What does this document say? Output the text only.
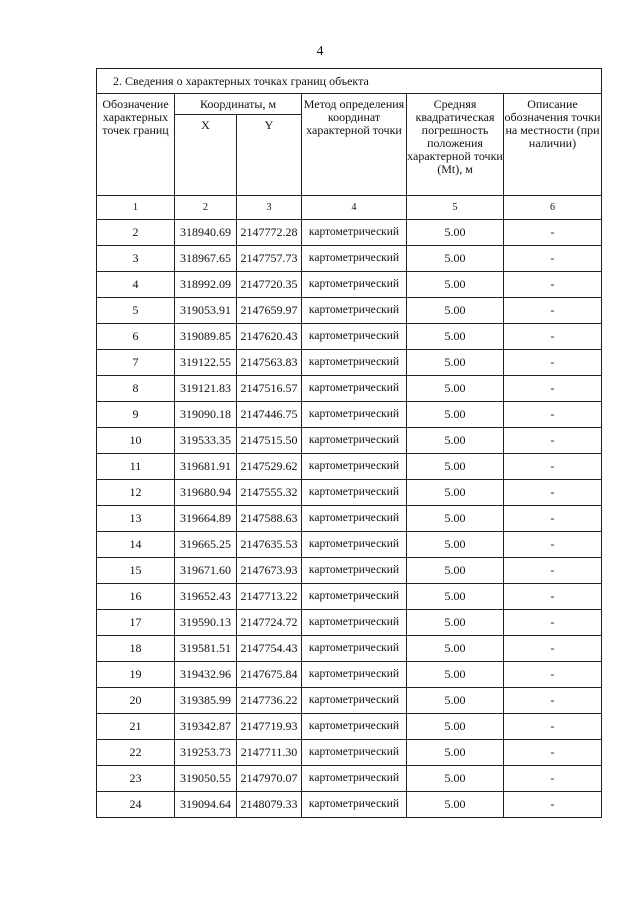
4
2. Сведения о характерных точках границ объекта					
Обозначение характерных точек границ	Координаты, м		Метод определения координат характерной точки	Средняя квадратическая погрешность положения характерной точки (Mt), м	Описание обозначения точки на местности (при наличии)
	X	Y			
1	2	3	4	5	6
2	318940.69	2147772.28	картометрический	5.00	-
3	318967.65	2147757.73	картометрический	5.00	-
4	318992.09	2147720.35	картометрический	5.00	-
5	319053.91	2147659.97	картометрический	5.00	-
6	319089.85	2147620.43	картометрический	5.00	-
7	319122.55	2147563.83	картометрический	5.00	-
8	319121.83	2147516.57	картометрический	5.00	-
9	319090.18	2147446.75	картометрический	5.00	-
10	319533.35	2147515.50	картометрический	5.00	-
11	319681.91	2147529.62	картометрический	5.00	-
12	319680.94	2147555.32	картометрический	5.00	-
13	319664.89	2147588.63	картометрический	5.00	-
14	319665.25	2147635.53	картометрический	5.00	-
15	319671.60	2147673.93	картометрический	5.00	-
16	319652.43	2147713.22	картометрический	5.00	-
17	319590.13	2147724.72	картометрический	5.00	-
18	319581.51	2147754.43	картометрический	5.00	-
19	319432.96	2147675.84	картометрический	5.00	-
20	319385.99	2147736.22	картометрический	5.00	-
21	319342.87	2147719.93	картометрический	5.00	-
22	319253.73	2147711.30	картометрический	5.00	-
23	319050.55	2147970.07	картометрический	5.00	-
24	319094.64	2148079.33	картометрический	5.00	-
